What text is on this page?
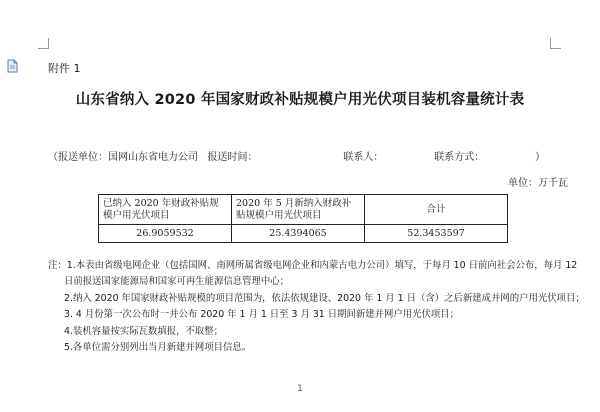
附件 1
山东省纳入 2020 年国家财政补贴规模户用光伏项目装机容量统计表
（报送单位：国网山东省电力公司 报送时间：	联系人：	联系方式：	）
单位：万千瓦
已纳入 2020 年财政补贴规模户用光伏项目	2020 年 5 月新纳入财政补贴规模户用光伏项目	合计
26.9059532	25.4394065	52.3453597
注：1.本表由省级电网企业（包括国网、南网所属省级电网企业和内蒙古电力公司）填写，于每月 10 日前向社会公布，每月 12
日前报送国家能源局和国家可再生能源信息管理中心；
2.纳入 2020 年国家财政补贴规模的项目范围为，依法依规建设、2020 年 1 月 1 日（含）之后新建成并网的户用光伏项目；
3. 4 月份第一次公布时一并公布 2020 年 1 月 1 日至 3 月 31 日期间新建并网户用光伏项目；
4.装机容量按实际瓦数填报，不取整；
5.各单位需分别列出当月新建并网项目信息。
1
